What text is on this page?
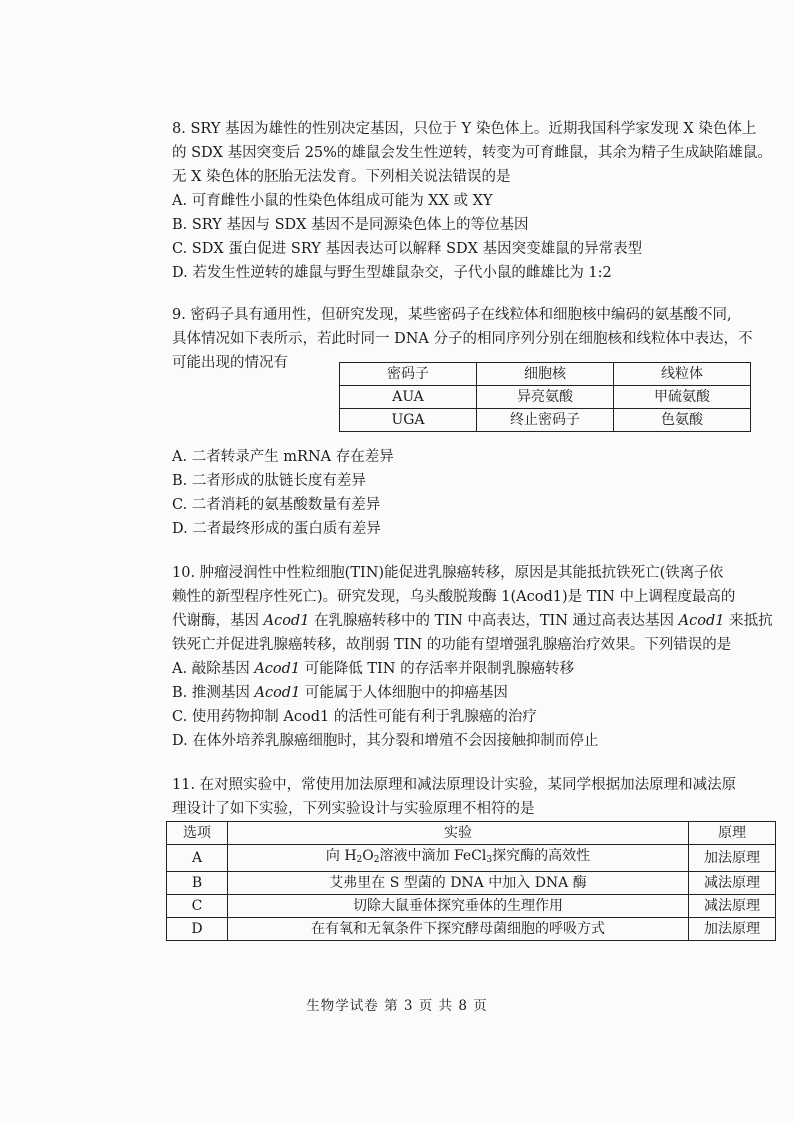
8. SRY 基因为雄性的性别决定基因，只位于 Y 染色体上。近期我国科学家发现 X 染色体上
的 SDX 基因突变后 25%的雄鼠会发生性逆转，转变为可育雌鼠，其余为精子生成缺陷雄鼠。
无 X 染色体的胚胎无法发育。下列相关说法错误的是
A. 可育雌性小鼠的性染色体组成可能为 XX 或 XY
B. SRY 基因与 SDX 基因不是同源染色体上的等位基因
C. SDX 蛋白促进 SRY 基因表达可以解释 SDX 基因突变雄鼠的异常表型
D. 若发生性逆转的雄鼠与野生型雄鼠杂交，子代小鼠的雌雄比为 1:2
9. 密码子具有通用性，但研究发现，某些密码子在线粒体和细胞核中编码的氨基酸不同,
具体情况如下表所示，若此时同一 DNA 分子的相同序列分别在细胞核和线粒体中表达，不
可能出现的情况有
密码子	细胞核	线粒体
AUA	异亮氨酸	甲硫氨酸
UGA	终止密码子	色氨酸
A. 二者转录产生 mRNA 存在差异
B. 二者形成的肽链长度有差异
C. 二者消耗的氨基酸数量有差异
D. 二者最终形成的蛋白质有差异
10. 肿瘤浸润性中性粒细胞(TIN)能促进乳腺癌转移，原因是其能抵抗铁死亡(铁离子依
赖性的新型程序性死亡)。研究发现，乌头酸脱羧酶 1(Acod1)是 TIN 中上调程度最高的
代谢酶，基因 Acod1 在乳腺癌转移中的 TIN 中高表达，TIN 通过高表达基因 Acod1 来抵抗
铁死亡并促进乳腺癌转移，故削弱 TIN 的功能有望增强乳腺癌治疗效果。下列错误的是
A. 敲除基因 Acod1 可能降低 TIN 的存活率并限制乳腺癌转移
B. 推测基因 Acod1 可能属于人体细胞中的抑癌基因
C. 使用药物抑制 Acod1 的活性可能有利于乳腺癌的治疗
D. 在体外培养乳腺癌细胞时，其分裂和增殖不会因接触抑制而停止
11. 在对照实验中，常使用加法原理和减法原理设计实验，某同学根据加法原理和减法原
理设计了如下实验，下列实验设计与实验原理不相符的是
选项	实验	原理
A	向 $H_2O_2$溶液中滴加 FeCl$_3$探究酶的高效性	加法原理
B	艾弗里在 S 型菌的 DNA 中加入 DNA 酶	减法原理
C	切除大鼠垂体探究垂体的生理作用	减法原理
D	在有氧和无氧条件下探究酵母菌细胞的呼吸方式	加法原理
生物学试卷 第 3 页 共 8 页
